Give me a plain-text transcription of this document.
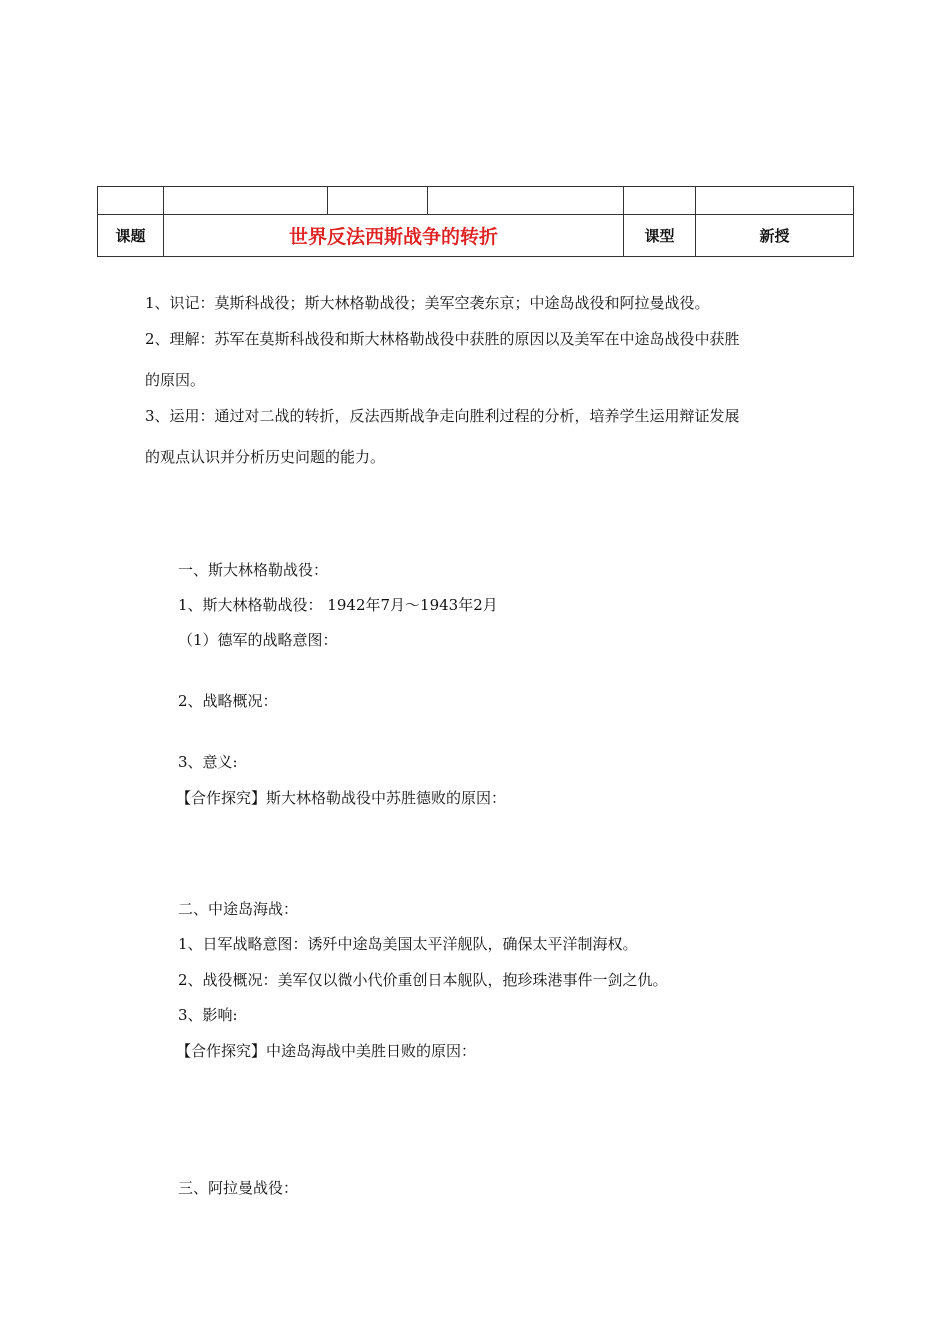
课题	世界反法西斯战争的转折			课型	新授
1、识记：莫斯科战役；斯大林格勒战役；美军空袭东京；中途岛战役和阿拉曼战役。
2、理解：苏军在莫斯科战役和斯大林格勒战役中获胜的原因以及美军在中途岛战役中获胜
的原因。
3、运用：通过对二战的转折，反法西斯战争走向胜利过程的分析，培养学生运用辩证发展
的观点认识并分析历史问题的能力。
一、斯大林格勒战役：
1、斯大林格勒战役： 1942年7月～1943年2月
（1）德军的战略意图：
2、战略概况：
3、意义:
【合作探究】斯大林格勒战役中苏胜德败的原因：
二、中途岛海战：
1、日军战略意图：诱歼中途岛美国太平洋舰队，确保太平洋制海权。
2、战役概况：美军仅以微小代价重创日本舰队，抱珍珠港事件一剑之仇。
3、影响:
【合作探究】中途岛海战中美胜日败的原因：
三、阿拉曼战役：
